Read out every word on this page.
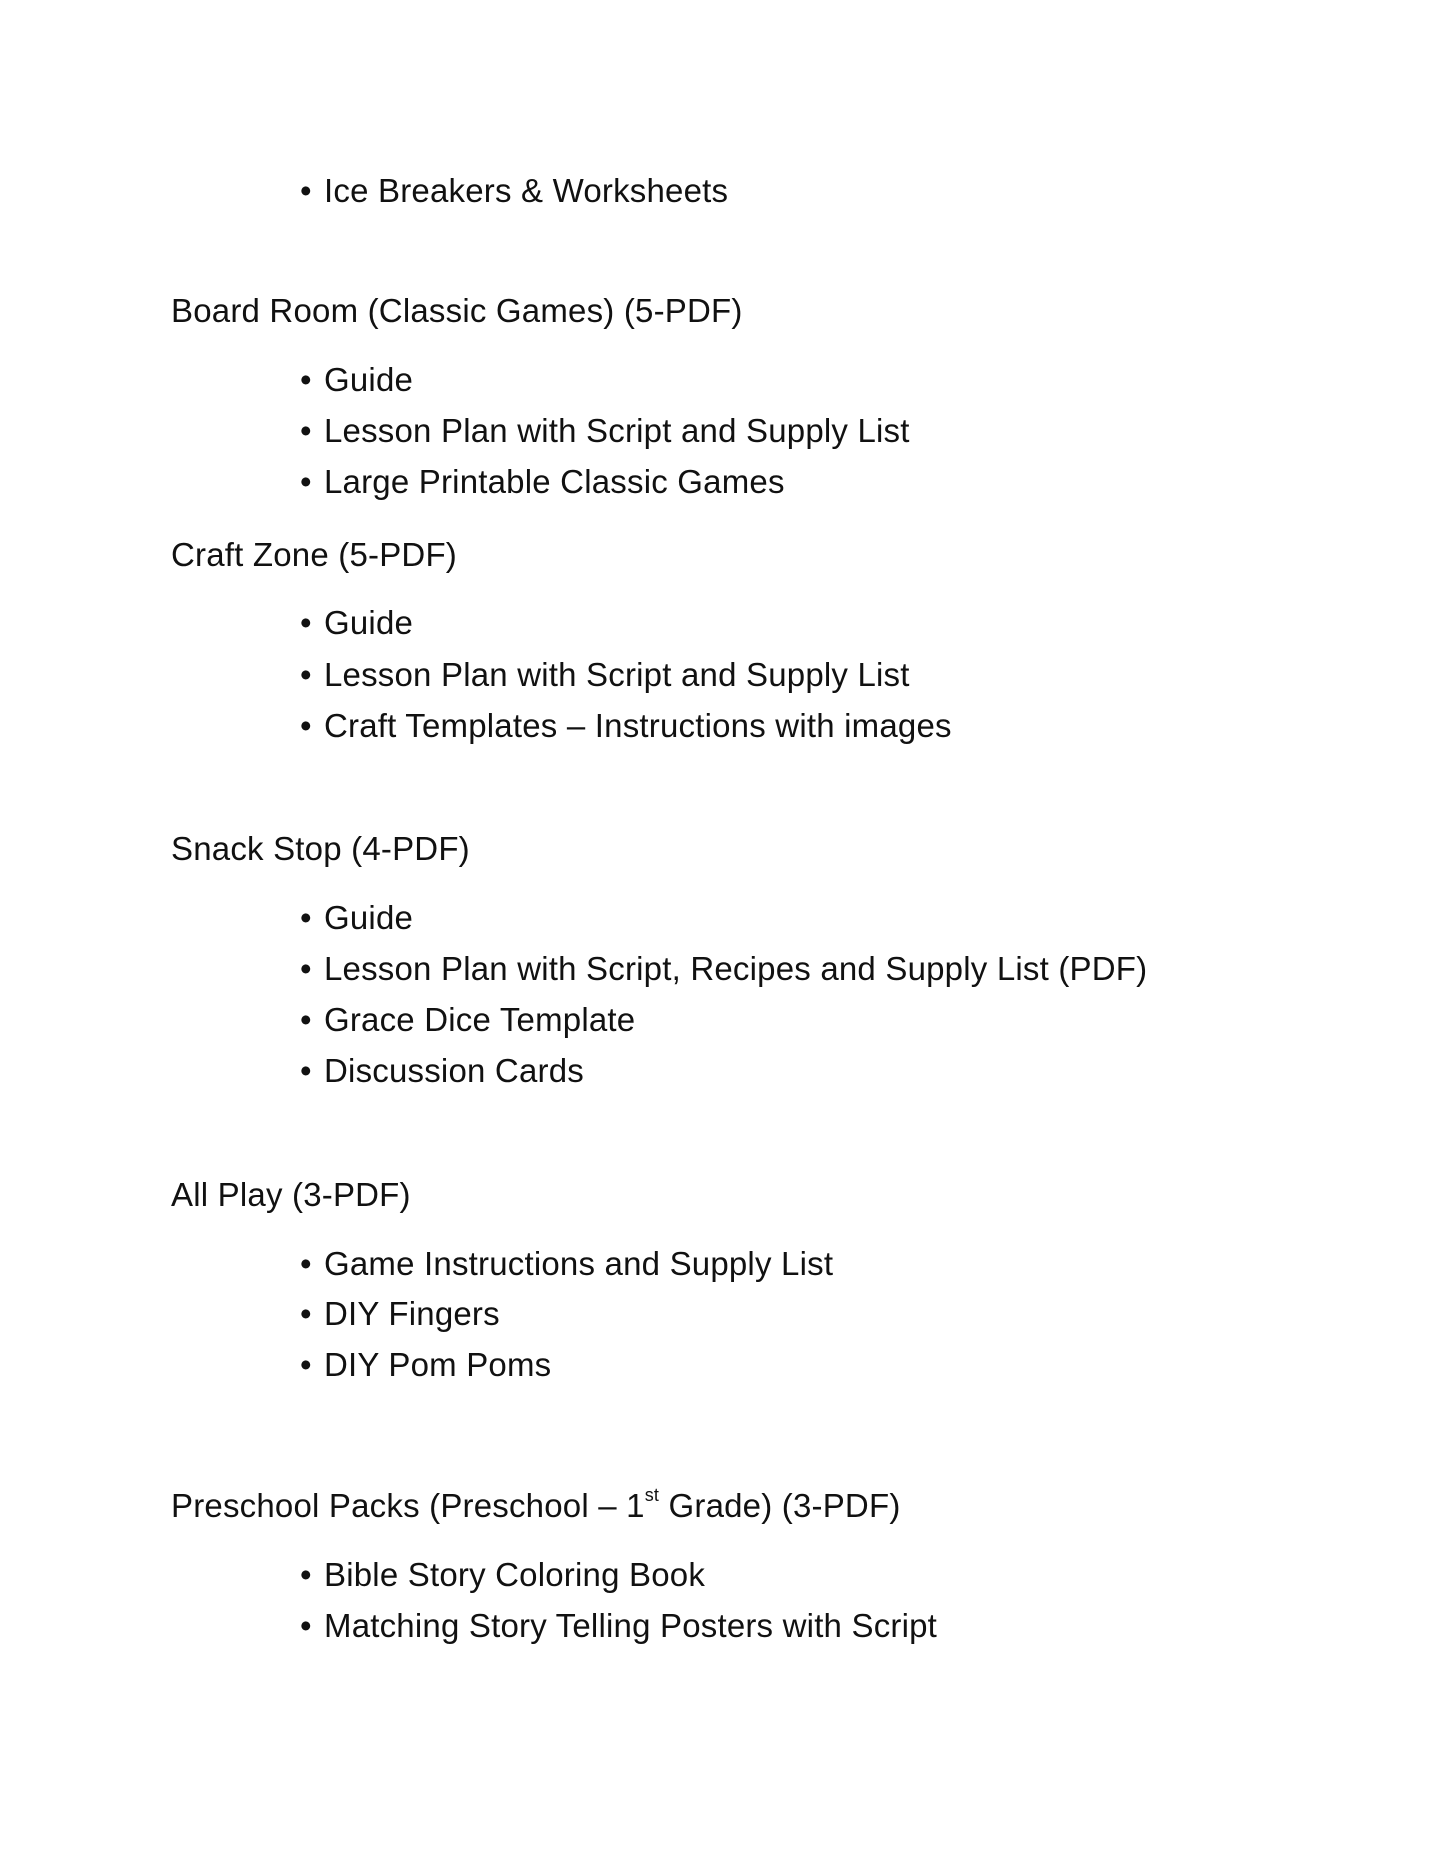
• Ice Breakers & Worksheets
Board Room (Classic Games) (5-PDF)
• Guide
• Lesson Plan with Script and Supply List
• Large Printable Classic Games
Craft Zone (5-PDF)
• Guide
• Lesson Plan with Script and Supply List
• Craft Templates – Instructions with images
Snack Stop (4-PDF)
• Guide
• Lesson Plan with Script, Recipes and Supply List (PDF)
• Grace Dice Template
• Discussion Cards
All Play (3-PDF)
• Game Instructions and Supply List
• DIY Fingers
• DIY Pom Poms
Preschool Packs (Preschool – 1st Grade) (3-PDF)
• Bible Story Coloring Book
• Matching Story Telling Posters with Script
